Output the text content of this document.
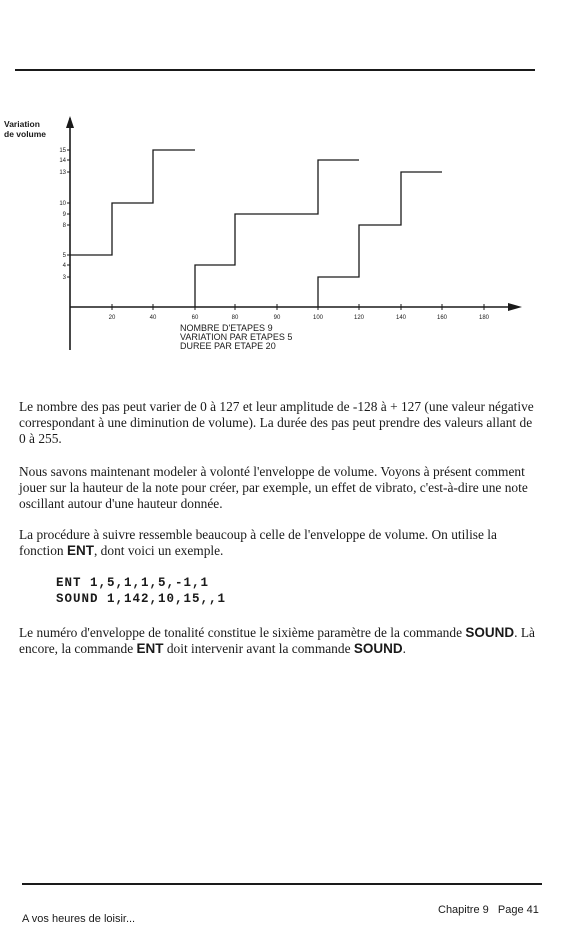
Variation
de volume
20	40	60	80	90	100	120	140	160	180
15
14
13
10
9
8
5
4
3
NOMBRE D'ETAPES 9
VARIATION PAR ETAPES 5
DUREE PAR ETAPE 20

Le nombre des pas peut varier de 0 à 127 et leur amplitude de -128 à + 127 (une valeur négative correspondant à une diminution de volume). La durée des pas peut prendre des valeurs allant de 0 à 255.

Nous savons maintenant modeler à volonté l'enveloppe de volume. Voyons à présent comment jouer sur la hauteur de la note pour créer, par exemple, un effet de vibrato, c'est-à-dire une note oscillant autour d'une hauteur donnée.

La procédure à suivre ressemble beaucoup à celle de l'enveloppe de volume. On utilise la fonction ENT, dont voici un exemple.

ENT 1,5,1,1,5,-1,1
SOUND 1,142,10,15,,1

Le numéro d'enveloppe de tonalité constitue le sixième paramètre de la commande SOUND. Là encore, la commande ENT doit intervenir avant la commande SOUND.

A vos heures de loisir...
Chapitre 9   Page 41
